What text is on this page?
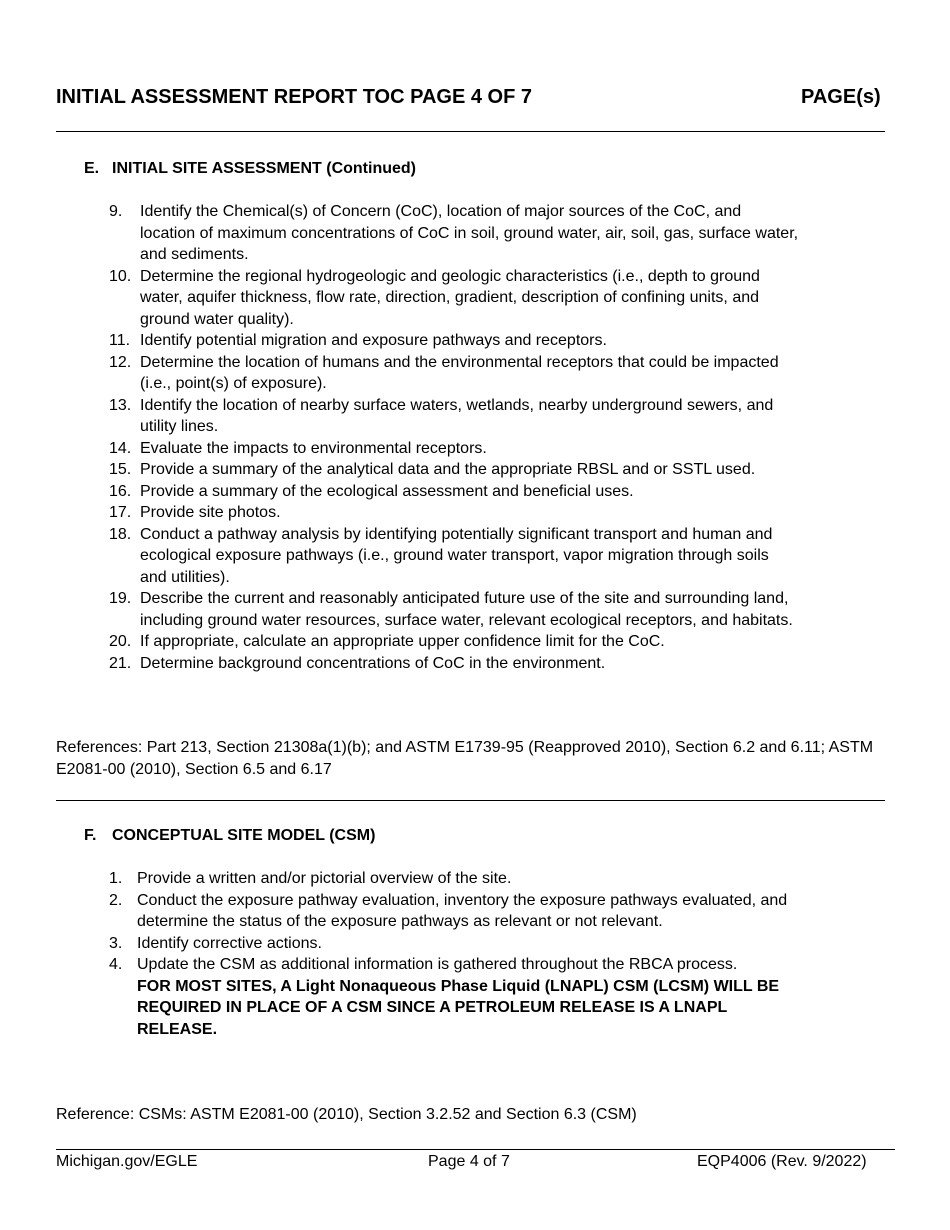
INITIAL ASSESSMENT REPORT TOC PAGE 4 OF 7	PAGE(s)
E. INITIAL SITE ASSESSMENT (Continued)
9. Identify the Chemical(s) of Concern (CoC), location of major sources of the CoC, and location of maximum concentrations of CoC in soil, ground water, air, soil, gas, surface water, and sediments.
10. Determine the regional hydrogeologic and geologic characteristics (i.e., depth to ground water, aquifer thickness, flow rate, direction, gradient, description of confining units, and ground water quality).
11. Identify potential migration and exposure pathways and receptors.
12. Determine the location of humans and the environmental receptors that could be impacted (i.e., point(s) of exposure).
13. Identify the location of nearby surface waters, wetlands, nearby underground sewers, and utility lines.
14. Evaluate the impacts to environmental receptors.
15. Provide a summary of the analytical data and the appropriate RBSL and or SSTL used.
16. Provide a summary of the ecological assessment and beneficial uses.
17. Provide site photos.
18. Conduct a pathway analysis by identifying potentially significant transport and human and ecological exposure pathways (i.e., ground water transport, vapor migration through soils and utilities).
19. Describe the current and reasonably anticipated future use of the site and surrounding land, including ground water resources, surface water, relevant ecological receptors, and habitats.
20. If appropriate, calculate an appropriate upper confidence limit for the CoC.
21. Determine background concentrations of CoC in the environment.
References: Part 213, Section 21308a(1)(b); and ASTM E1739-95 (Reapproved 2010), Section 6.2 and 6.11; ASTM E2081-00 (2010), Section 6.5 and 6.17
F. CONCEPTUAL SITE MODEL (CSM)
1. Provide a written and/or pictorial overview of the site.
2. Conduct the exposure pathway evaluation, inventory the exposure pathways evaluated, and determine the status of the exposure pathways as relevant or not relevant.
3. Identify corrective actions.
4. Update the CSM as additional information is gathered throughout the RBCA process.
FOR MOST SITES, A Light Nonaqueous Phase Liquid (LNAPL) CSM (LCSM) WILL BE REQUIRED IN PLACE OF A CSM SINCE A PETROLEUM RELEASE IS A LNAPL RELEASE.
Reference: CSMs: ASTM E2081-00 (2010), Section 3.2.52 and Section 6.3 (CSM)
Michigan.gov/EGLE	Page 4 of 7	EQP4006 (Rev. 9/2022)
